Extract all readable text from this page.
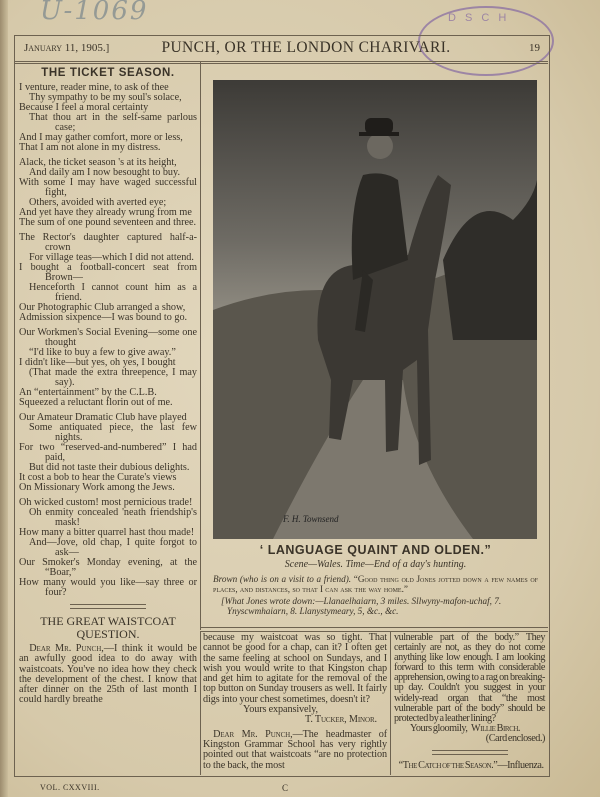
U-1069	D S C H
January 11, 1905.]	PUNCH, OR THE LONDON CHARIVARI.	19
THE TICKET SEASON.
I venture, reader mine, to ask of thee
Thy sympathy to be my soul's solace,
Because I feel a moral certainty
That thou art in the self-same parlous case;
And I may gather comfort, more or less,
That I am not alone in my distress.
Alack, the ticket season 's at its height,
And daily am I now besought to buy.
With some I may have waged successful fight,
Others, avoided with averted eye;
And yet have they already wrung from me
The sum of one pound seventeen and three.
The Rector's daughter captured half-a-crown
For village teas—which I did not attend.
I bought a football-concert seat from Brown—
Henceforth I cannot count him as a friend.
Our Photographic Club arranged a show,
Admission sixpence—I was bound to go.
Our Workmen's Social Evening—some one thought
“I'd like to buy a few to give away.”
I didn't like—but yes, oh yes, I bought
(That made the extra threepence, I may say).
An “entertainment” by the C.L.B.
Squeezed a reluctant florin out of me.
Our Amateur Dramatic Club have played
Some antiquated piece, the last few nights.
For two “reserved-and-numbered” I had paid,
But did not taste their dubious delights.
It cost a bob to hear the Curate's views
On Missionary Work among the Jews.
Oh wicked custom! most pernicious trade!
Oh enmity concealed 'neath friendship's mask!
How many a bitter quarrel hast thou made!
And—Jove, old chap, I quite forgot to ask—
Our Smoker's Monday evening, at the “Boar,”
How many would you like—say three or four?
THE GREAT WAISTCOAT QUESTION.
 Dear Mr. Punch,—I think it would be an awfully good idea to do away with waistcoats. You've no idea how they check the development of the chest. I know that after dinner on the 25th of last month I could hardly breathe
F. H. Townsend
‘ LANGUAGE QUAINT AND OLDEN.”
Scene—Wales. Time—End of a day's hunting.
Brown (who is on a visit to a friend). “Good thing old Jones jotted down a few names of places, and distances, so that I can ask the way home.”
[What Jones wrote down:—Llanaelhaiarn, 3 miles. Sllwyny-mafon-uchaf, 7. Ynyscwmhaiarn, 8. Llanystymeary, 5, &c., &c.
because my waistcoat was so tight. That cannot be good for a chap, can it? I often get the same feeling at school on Sundays, and I wish you would write to that Kingston chap and get him to agitate for the removal of the top button on Sunday trousers as well. It fairly digs into your chest sometimes, doesn't it?
Yours expansively,
T. Tucker, Minor.
 Dear Mr. Punch,—The headmaster of Kingston Grammar School has very rightly pointed out that waistcoats “are no protection to the back, the most
vulnerable part of the body.” They certainly are not, as they do not come anything like low enough. I am looking forward to this term with considerable apprehension, owing to a rag on breaking-up day. Couldn't you suggest in your widely-read organ that “the most vulnerable part of the body” should be protected by a leather lining?
Yours gloomily, Willie Birch.
(Card enclosed.)
 “The Catch of the Season.”—Influenza.
VOL. CXXVIII.	C
